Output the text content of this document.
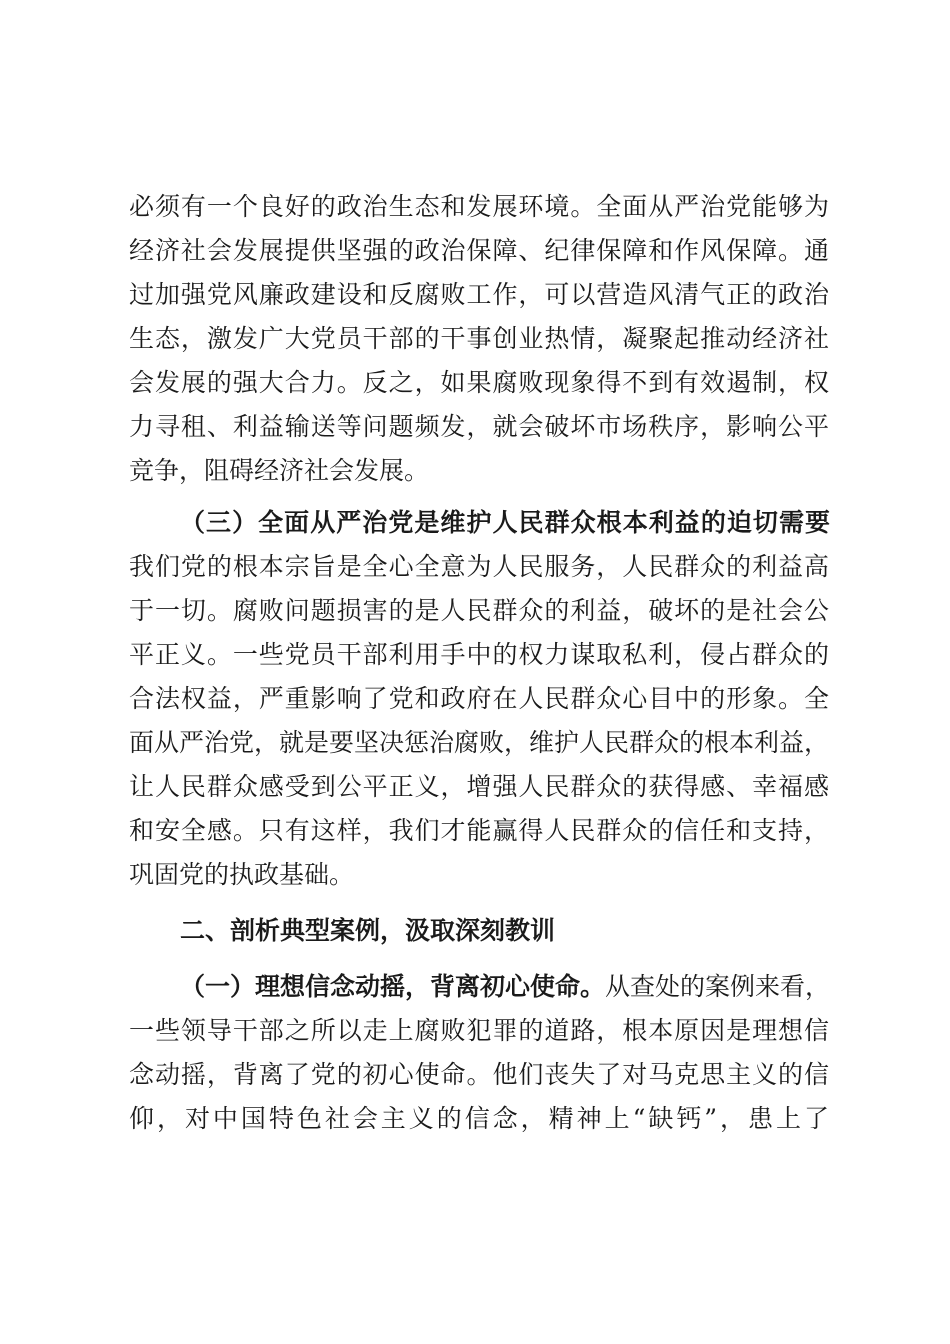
必须有一个良好的政治生态和发展环境。全面从严治党能够为
经济社会发展提供坚强的政治保障、纪律保障和作风保障。通
过加强党风廉政建设和反腐败工作，可以营造风清气正的政治
生态，激发广大党员干部的干事创业热情，凝聚起推动经济社
会发展的强大合力。反之，如果腐败现象得不到有效遏制，权
力寻租、利益输送等问题频发，就会破坏市场秩序，影响公平
竞争，阻碍经济社会发展。
（三）全面从严治党是维护人民群众根本利益的迫切需要
我们党的根本宗旨是全心全意为人民服务，人民群众的利益高
于一切。腐败问题损害的是人民群众的利益，破坏的是社会公
平正义。一些党员干部利用手中的权力谋取私利，侵占群众的
合法权益，严重影响了党和政府在人民群众心目中的形象。全
面从严治党，就是要坚决惩治腐败，维护人民群众的根本利益，
让人民群众感受到公平正义，增强人民群众的获得感、幸福感
和安全感。只有这样，我们才能赢得人民群众的信任和支持，
巩固党的执政基础。
二、剖析典型案例，汲取深刻教训
（一）理想信念动摇，背离初心使命。从查处的案例来看，
一些领导干部之所以走上腐败犯罪的道路，根本原因是理想信
念动摇，背离了党的初心使命。他们丧失了对马克思主义的信
仰，对中国特色社会主义的信念，精神上“缺钙”，患上了
